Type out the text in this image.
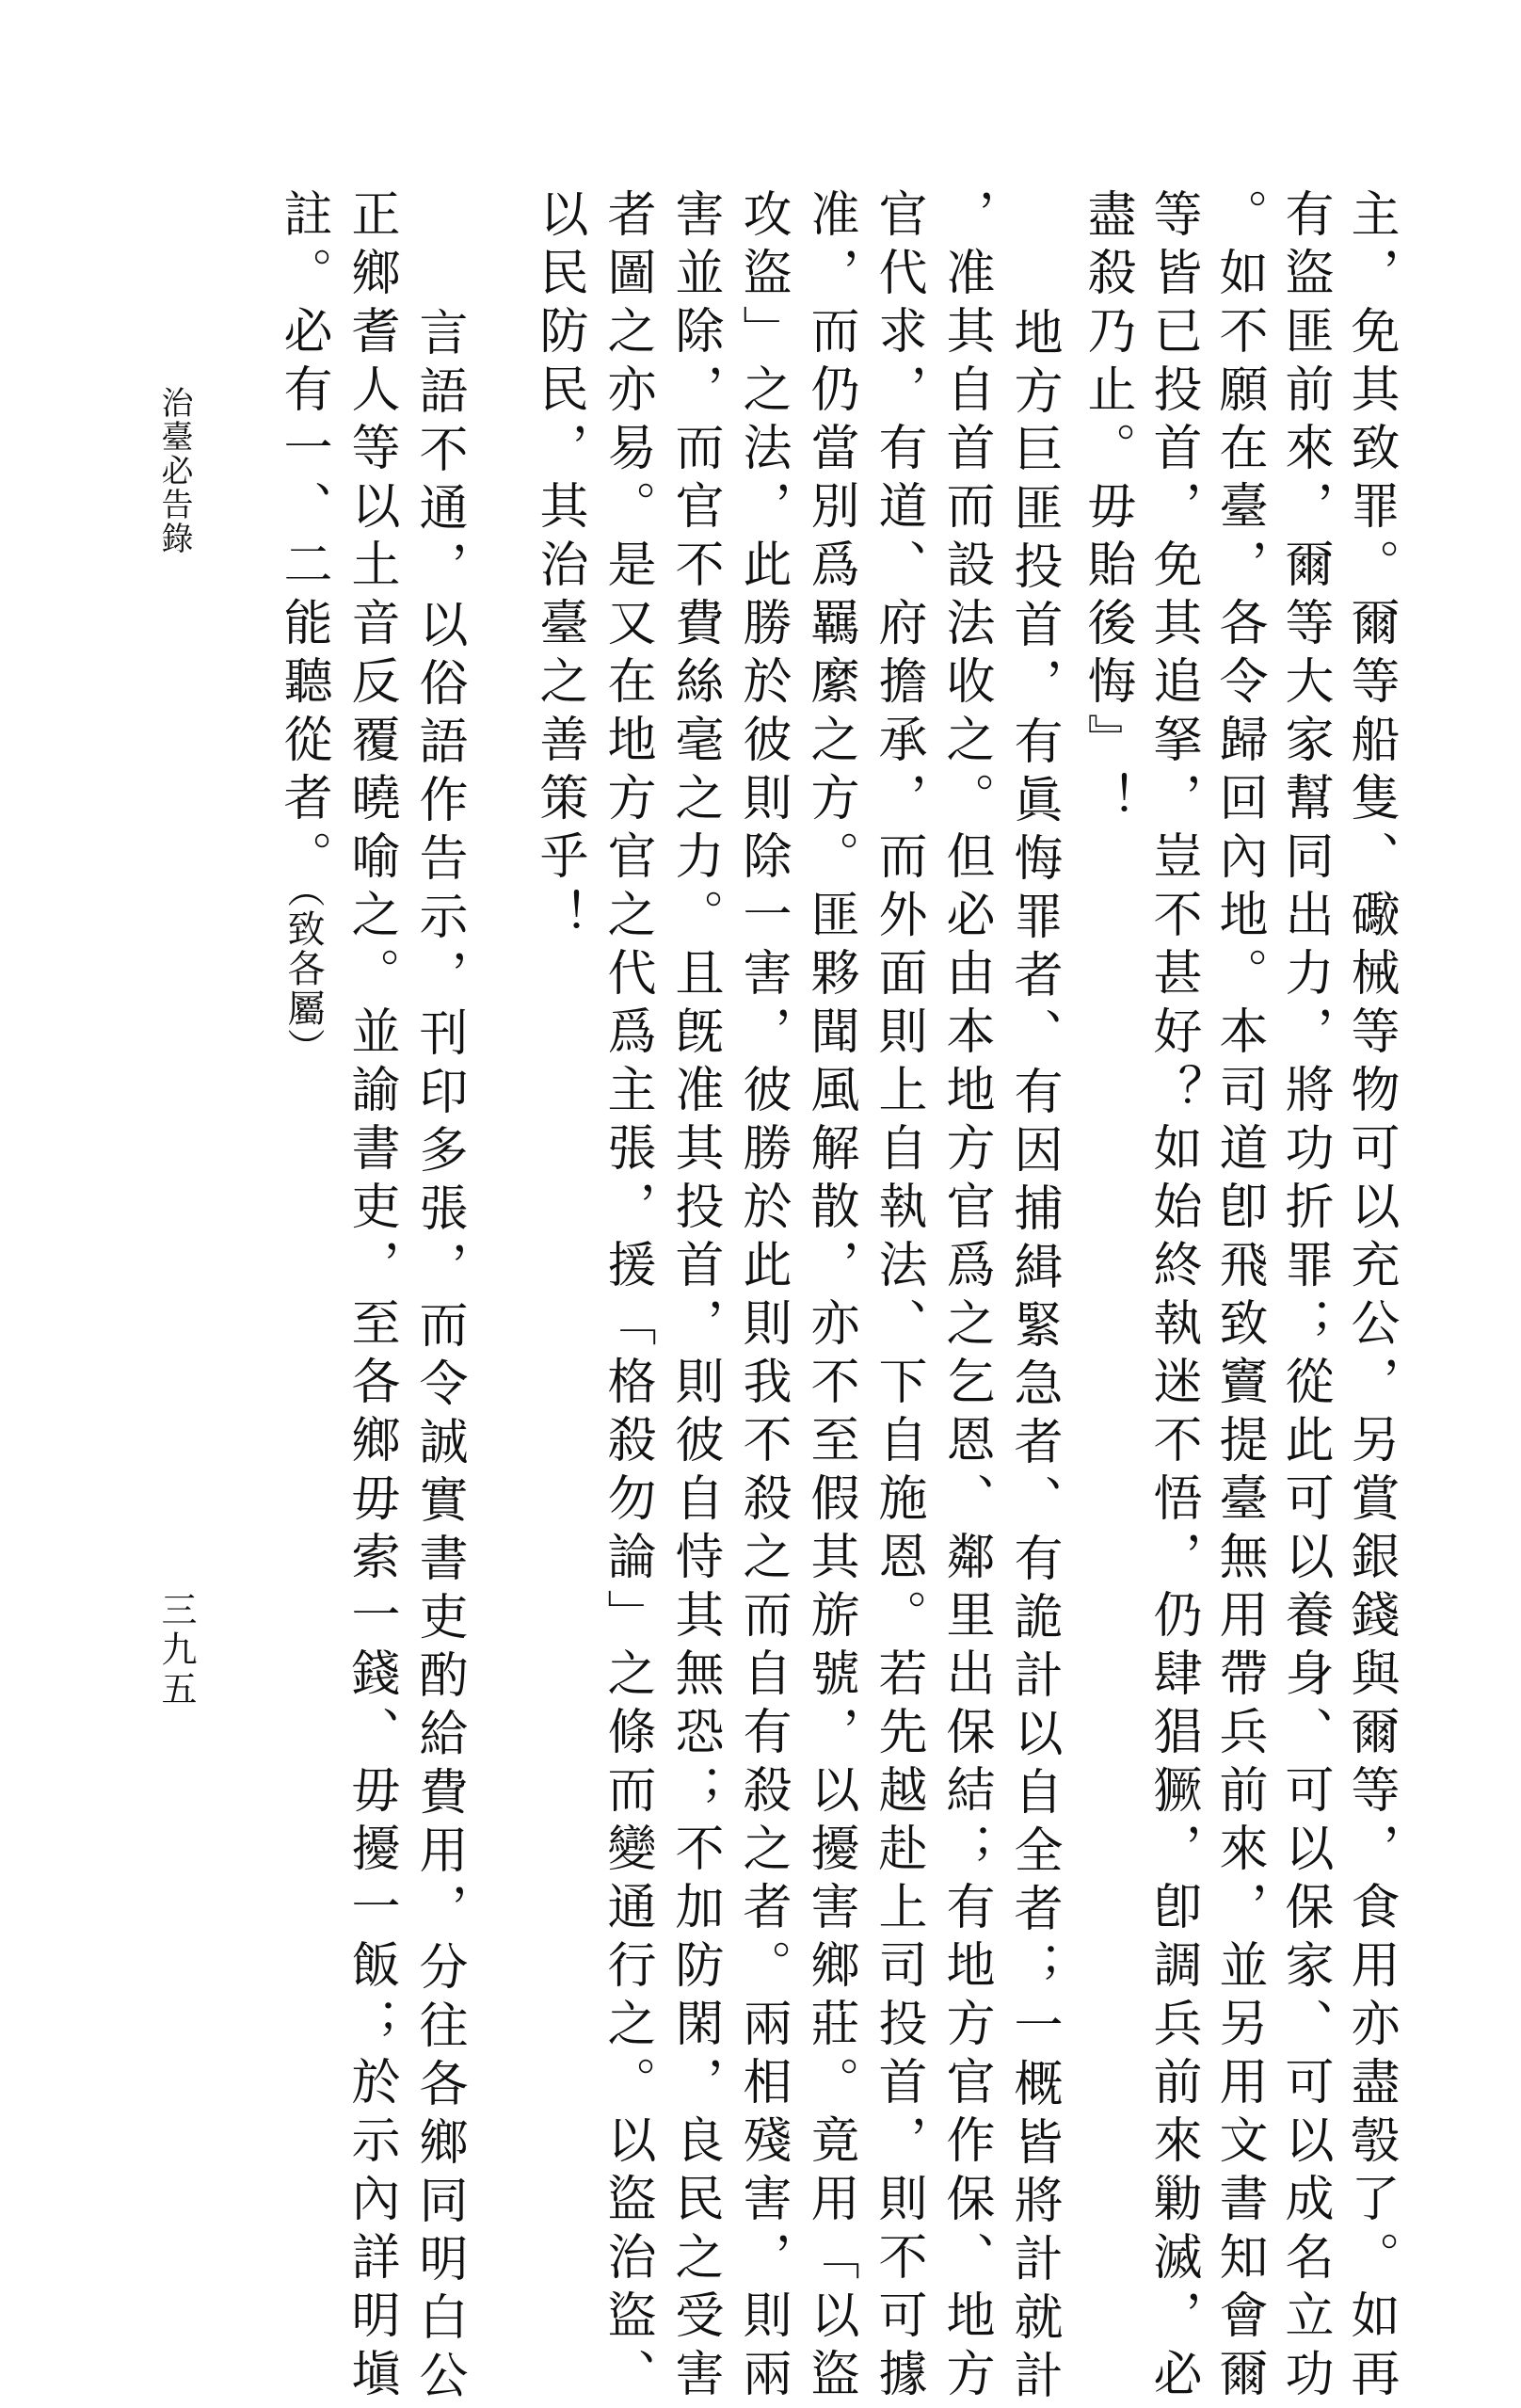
主，免其致罪。爾等船隻、礮械等物可以充公，另賞銀錢與爾等，食用亦盡彀了。如再
有盜匪前來，爾等大家幫同出力，將功折罪；從此可以養身、可以保家、可以成名立功
。如不願在臺，各令歸回內地。本司道卽飛致竇提臺無用帶兵前來，並另用文書知會爾
等皆已投首，免其追拏，豈不甚好？如始終執迷不悟，仍肆猖獗，卽調兵前來勦滅，必
盡殺乃止。毋貽後悔』！
地方巨匪投首，有眞悔罪者、有因捕緝緊急者、有詭計以自全者；一概皆將計就計
，准其自首而設法收之。但必由本地方官爲之乞恩、鄰里出保結；有地方官作保、地方
官代求，有道、府擔承，而外面則上自執法、下自施恩。若先越赴上司投首，則不可據
准，而仍當別爲羈縻之方。匪夥聞風解散，亦不至假其旂號，以擾害鄉莊。竟用「以盜
攻盜」之法，此勝於彼則除一害，彼勝於此則我不殺之而自有殺之者。兩相殘害，則兩
害並除，而官不費絲毫之力。且旣准其投首，則彼自恃其無恐；不加防閑，良民之受害
者圖之亦易。是又在地方官之代爲主張，援「格殺勿論」之條而變通行之。以盜治盜、
以民防民，其治臺之善策乎！
言語不通，以俗語作告示，刊印多張，而令誠實書吏酌給費用，分往各鄉同明白公
正鄉耆人等以土音反覆曉喻之。並諭書吏，至各鄉毋索一錢、毋擾一飯；於示內詳明塡
註。必有一、二能聽從者。（致各屬）
治臺必告錄
三九五
